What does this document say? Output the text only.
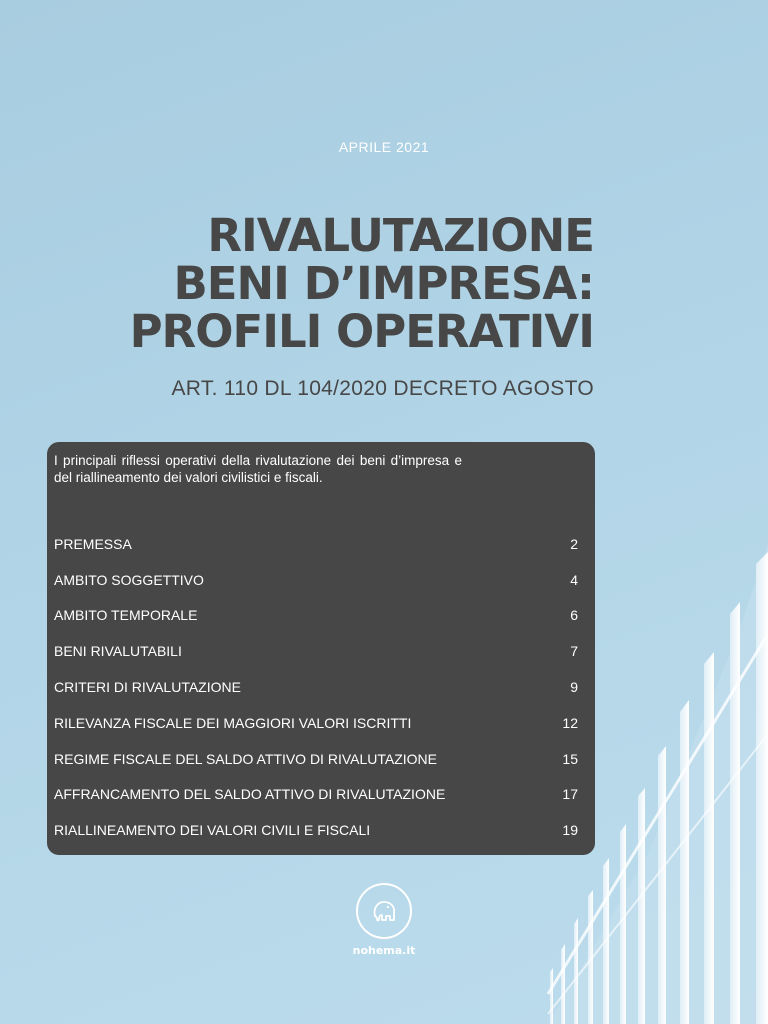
APRILE 2021
RIVALUTAZIONE
BENI D’IMPRESA:
PROFILI OPERATIVI
ART. 110 DL 104/2020 DECRETO AGOSTO
I principali riflessi operativi della rivalutazione dei beni d’impresa e del riallineamento dei valori civilistici e fiscali.
PREMESSA	2
AMBITO SOGGETTIVO	4
AMBITO TEMPORALE	6
BENI RIVALUTABILI	7
CRITERI DI RIVALUTAZIONE	9
RILEVANZA FISCALE DEI MAGGIORI VALORI ISCRITTI	12
REGIME FISCALE DEL SALDO ATTIVO DI RIVALUTAZIONE	15
AFFRANCAMENTO DEL SALDO ATTIVO DI RIVALUTAZIONE	17
RIALLINEAMENTO DEI VALORI CIVILI E FISCALI	19
nohema.it
